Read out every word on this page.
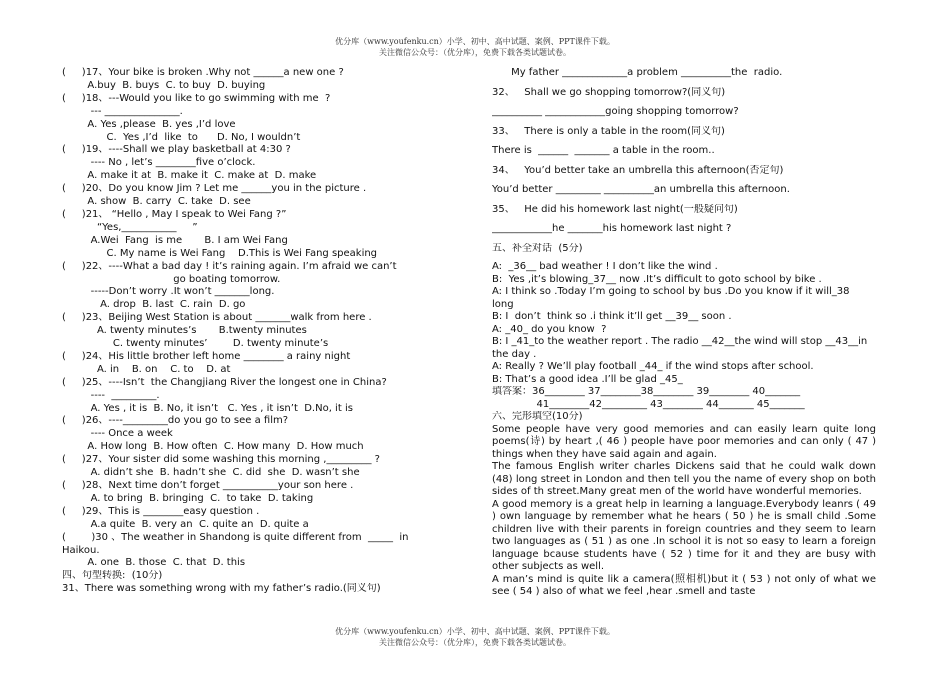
优分库（www.youfenku.cn）小学、初中、高中试题、案例、PPT课件下载。
关注微信公众号：（优分库），免费下载各类试题试卷。
(     )17、Your bike is broken .Why not ______a new one ?
A.buy  B. buys  C. to buy  D. buying
(     )18、---Would you like to go swimming with me  ?
--- _______________.
A. Yes ,please  B. yes ,I’d love
C.  Yes ,I’d  like  to      D. No, I wouldn’t
(     )19、----Shall we play basketball at 4:30 ?
---- No , let’s ________five o’clock.
A. make it at  B. make it  C. make at  D. make
(     )20、Do you know Jim ? Let me ______you in the picture .
A. show  B. carry  C. take  D. see
(     )21、 “Hello , May I speak to Wei Fang ?”
“Yes,___________     ”
A.Wei  Fang  is me       B. I am Wei Fang
C. My name is Wei Fang    D.This is Wei Fang speaking
(     )22、----What a bad day ! it’s raining again. I’m afraid we can’t
go boating tomorrow.
-----Don’t worry .It won’t _______long.
A. drop  B. last  C. rain  D. go
(     )23、Beijing West Station is about _______walk from here .
A. twenty minutes’s       B.twenty minutes
C. twenty minutes’        D. twenty minute’s
(     )24、His little brother left home ________ a rainy night
A. in    B. on    C. to    D. at
(     )25、----Isn’t  the Changjiang River the longest one in China?
----  _________.
A. Yes , it is  B. No, it isn’t   C. Yes , it isn’t  D.No, it is
(     )26、----_________do you go to see a film?
---- Once a week
A. How long  B. How often  C. How many  D. How much
(     )27、Your sister did some washing this morning ,_________ ?
A. didn’t she  B. hadn’t she  C. did  she  D. wasn’t she
(     )28、Next time don’t forget ___________your son here .
A. to bring  B. bringing  C.  to take  D. taking
(     )29、This is ________easy question .
A.a quite  B. very an  C. quite an  D. quite a
(        )30 、The weather in Shandong is quite different from  _____  in
Haikou.
A. one  B. those  C. that  D. this
四、句型转换:  (10分)
31、There was something wrong with my father’s radio.(同义句)
My father _____________a problem __________the  radio.
32、   Shall we go shopping tomorrow?(同义句)
__________ ____________going shopping tomorrow?
33、   There is only a table in the room(同义句)
There is  ______  _______ a table in the room..
34、   You’d better take an umbrella this afternoon(否定句)
You’d better _________ __________an umbrella this afternoon.
35、   He did his homework last night(一般疑问句)
____________he _______his homework last night ?
五、补全对话  (5分)
A:  _36__ bad weather ! I don’t like the wind .
B:  Yes ,it’s blowing_37__ now .It’s difficult to goto school by bike .
A: I think so .Today I’m going to school by bus .Do you know if it will_38
long
B: I  don’t  think so .i think it’ll get __39__ soon .
A: _40_ do you know  ?
B: I _41_to the weather report . The radio __42__the wind will stop __43__in
the day .
A: Really ? We’ll play football _44_ if the wind stops after school.
B: That’s a good idea .I’ll be glad _45_
填答案：36________ 37________38________ 39________ 40_______
41________42_________ 43________ 44_______ 45_______
六、完形填空(10分)
Some people have very good memories and can easily learn quite long poems(诗) by heart ,( 46 ) people have poor memories and can only ( 47 ) things when they have said again and again.
The famous English writer charles Dickens said that he could walk down (48) long street in London and then tell you the name of every shop on both sides of th street.Many great men of the world have wonderful memories.
A good memory is a great help in learning a language.Everybody leanrs ( 49 ) own language by remember what he hears ( 50 ) he is small child .Some children live with their parents in foreign countries and they seem to learn two languages as ( 51 ) as one .In school it is not so easy to learn a foreign language bcause students have ( 52 ) time for it and they are busy with other subjects as well.
A man’s mind is quite lik a camera(照相机)but it ( 53 ) not only of what we see ( 54 ) also of what we feel ,hear .smell and taste
优分库（www.youfenku.cn）小学、初中、高中试题、案例、PPT课件下载。
关注微信公众号：（优分库），免费下载各类试题试卷。
